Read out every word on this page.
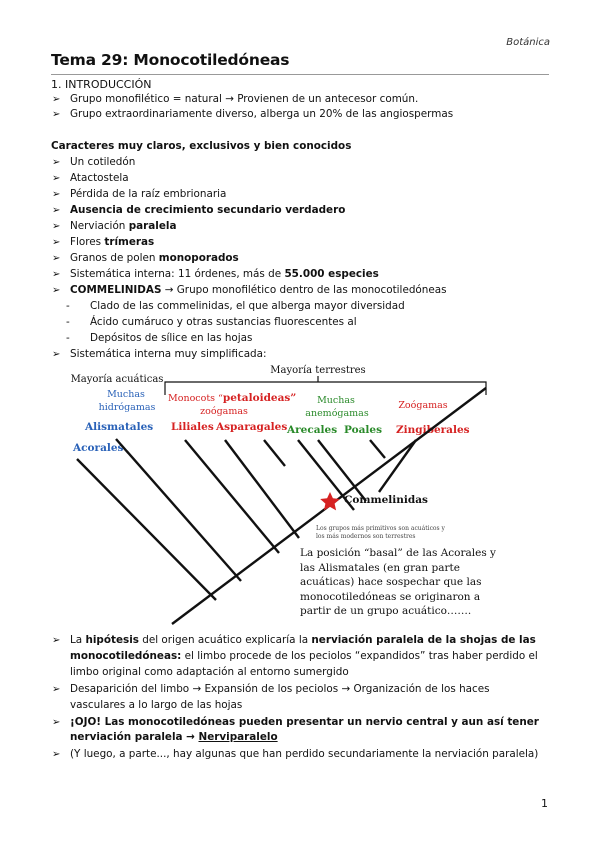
Botánica
Tema 29: Monocotiledóneas
1. INTRODUCCIÓN
➢ Grupo monofilético = natural → Provienen de un antecesor común.
➢ Grupo extraordinariamente diverso, alberga un 20% de las angiospermas
Caracteres muy claros, exclusivos y bien conocidos
➢ Un cotiledón
➢ Atactostela
➢ Pérdida de la raíz embrionaria
➢ Ausencia de crecimiento secundario verdadero
➢ Nerviación paralela
➢ Flores trímeras
➢ Granos de polen monoporados
➢ Sistemática interna: 11 órdenes, más de 55.000 especies
➢ COMMELINIDAS → Grupo monofilético dentro de las monocotiledóneas
- Clado de las commelinidas, el que alberga mayor diversidad
- Ácido cumáruco y otras sustancias fluorescentes al
- Depósitos de sílice en las hojas
➢ Sistemática interna muy simplificada:
Mayoría acuáticas
Muchas
hidrógamas
Mayoría terrestres
Monocots “petaloideas”
zoógamas
Muchas
anemógamas
Zoógamas
Alismatales
Acorales
Liliales Asparagales Arecales Poales Zingiberales
Commelinidas
Los grupos más primitivos son acuáticos y
los más modernos son terrestres
La posición “basal” de las Acorales y
las Alismatales (en gran parte
acuáticas) hace sospechar que las
monocotiledóneas se originaron a
partir de un grupo acuático…….
➢ La hipótesis del origen acuático explicaría la nerviación paralela de la shojas de las
monocotiledóneas: el limbo procede de los peciolos “expandidos” tras haber perdido el
limbo original como adaptación al entorno sumergido
➢ Desaparición del limbo → Expansión de los peciolos → Organización de los haces
vasculares a lo largo de las hojas
➢ ¡OJO! Las monocotiledóneas pueden presentar un nervio central y aun así tener
nerviación paralela → Nerviparalelo
➢ (Y luego, a parte..., hay algunas que han perdido secundariamente la nerviación paralela)
1
